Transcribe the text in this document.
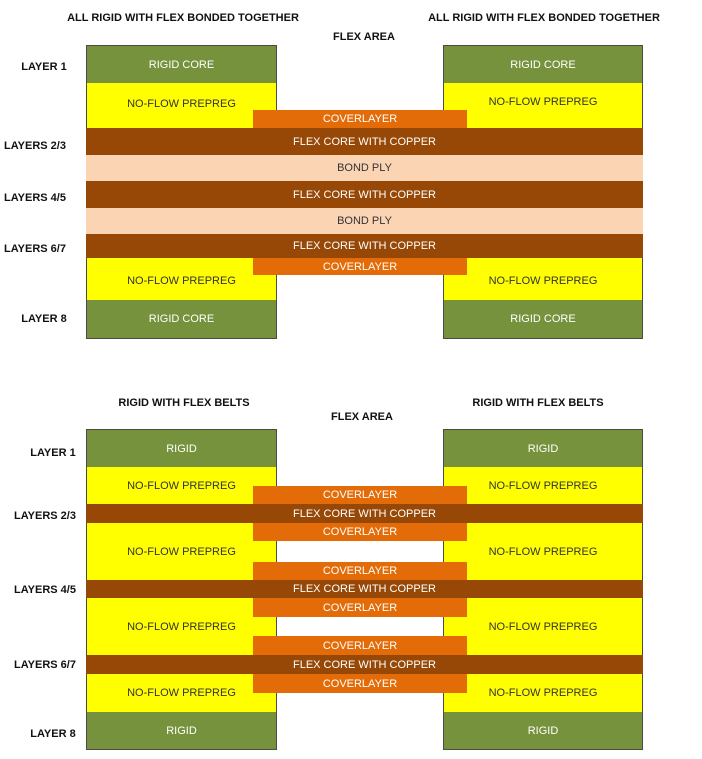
ALL RIGID WITH FLEX BONDED TOGETHER	ALL RIGID WITH FLEX BONDED TOGETHER
FLEX AREA
LAYER 1
LAYERS 2/3
LAYERS 4/5
LAYERS 6/7
LAYER 8
RIGID CORE
NO-FLOW PREPREG
NO-FLOW PREPREG
RIGID CORE
RIGID CORE
NO-FLOW PREPREG
NO-FLOW PREPREG
RIGID CORE
COVERLAYER
FLEX CORE WITH COPPER
BOND PLY
FLEX CORE WITH COPPER
BOND PLY
FLEX CORE WITH COPPER
COVERLAYER
RIGID WITH FLEX BELTS	RIGID WITH FLEX BELTS
FLEX AREA
LAYER 1
LAYERS 2/3
LAYERS 4/5
LAYERS 6/7
LAYER 8
RIGID
NO-FLOW PREPREG
NO-FLOW PREPREG
NO-FLOW PREPREG
NO-FLOW PREPREG
RIGID
RIGID
NO-FLOW PREPREG
NO-FLOW PREPREG
NO-FLOW PREPREG
NO-FLOW PREPREG
RIGID
COVERLAYER
FLEX CORE WITH COPPER
COVERLAYER
COVERLAYER
FLEX CORE WITH COPPER
COVERLAYER
COVERLAYER
FLEX CORE WITH COPPER
COVERLAYER
